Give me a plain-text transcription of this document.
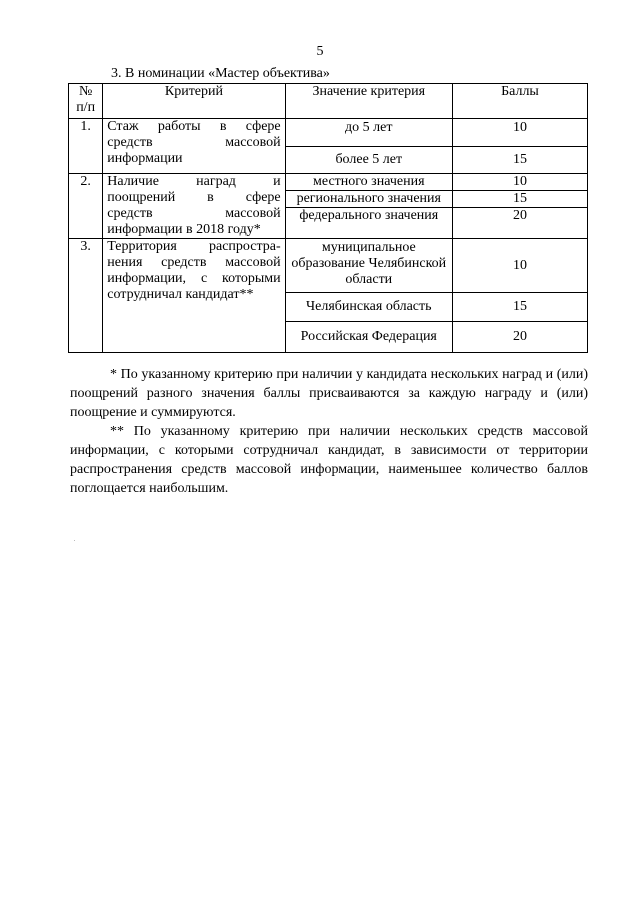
5
3. В номинации «Мастер объектива»
№ п/п	Критерий	Значение критерия	Баллы
1.	Стаж работы в сфере
средств массовой
информации	до 5 лет	10
		более 5 лет	15
2.	Наличие наград и
поощрений в сфере
средств массовой
информации в 2018 году*	местного значения	10
		регионального значения	15
		федерального значения	20
3.	Территория распростра-
нения средств массовой
информации, с которыми
сотрудничал кандидат**	муниципальное образование Челябинской области	10
		Челябинская область	15
		Российская Федерация	20

* По указанному критерию при наличии у кандидата нескольких наград и (или) поощрений разного значения баллы присваиваются за каждую награду и (или) поощрение и суммируются.

** По указанному критерию при наличии нескольких средств массовой информации, с которыми сотрудничал кандидат, в зависимости от территории распространения средств массовой информации, наименьшее количество баллов поглощается наибольшим.
